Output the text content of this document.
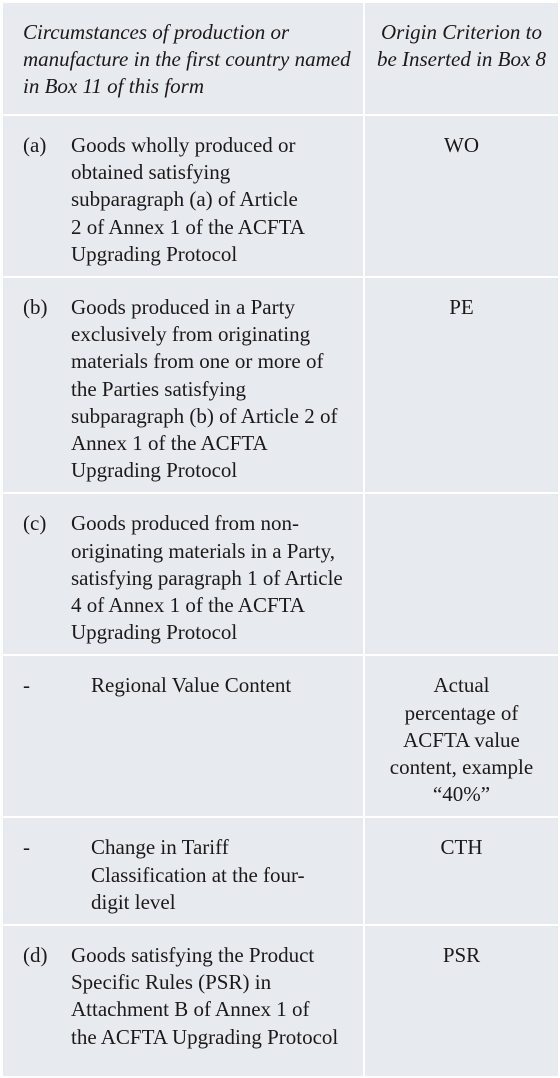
Circumstances of production or manufacture in the first country named in Box 11 of this form	Origin Criterion to be Inserted in Box 8

(a) Goods wholly produced or obtained satisfying subparagraph (a) of Article 2 of Annex 1 of the ACFTA Upgrading Protocol	WO

(b) Goods produced in a Party exclusively from originating materials from one or more of the Parties satisfying subparagraph (b) of Article 2 of Annex 1 of the ACFTA Upgrading Protocol	PE

(c) Goods produced from non-originating materials in a Party, satisfying paragraph 1 of Article 4 of Annex 1 of the ACFTA Upgrading Protocol	

- Regional Value Content	Actual percentage of ACFTA value content, example “40%”

- Change in Tariff Classification at the four-digit level	CTH

(d) Goods satisfying the Product Specific Rules (PSR) in Attachment B of Annex 1 of the ACFTA Upgrading Protocol	PSR
